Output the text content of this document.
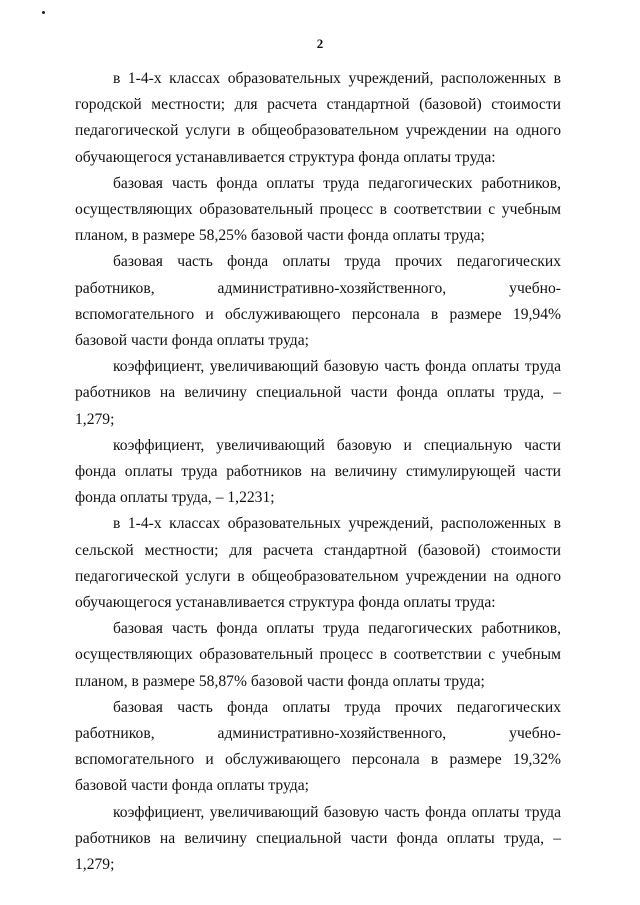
2

в 1-4-х классах образовательных учреждений, расположенных в городской местности; для расчета стандартной (базовой) стоимости педагогической услуги в общеобразовательном учреждении на одного обучающегося устанавливается структура фонда оплаты труда:

базовая часть фонда оплаты труда педагогических работников, осуществляющих образовательный процесс в соответствии с учебным планом, в размере 58,25% базовой части фонда оплаты труда;

базовая часть фонда оплаты труда прочих педагогических работников, административно-хозяйственного, учебно-вспомогательного и обслуживающего персонала в размере 19,94% базовой части фонда оплаты труда;

коэффициент, увеличивающий базовую часть фонда оплаты труда работников на величину специальной части фонда оплаты труда, – 1,279;

коэффициент, увеличивающий базовую и специальную части фонда оплаты труда работников на величину стимулирующей части фонда оплаты труда, – 1,2231;

в 1-4-х классах образовательных учреждений, расположенных в сельской местности; для расчета стандартной (базовой) стоимости педагогической услуги в общеобразовательном учреждении на одного обучающегося устанавливается структура фонда оплаты труда:

базовая часть фонда оплаты труда педагогических работников, осуществляющих образовательный процесс в соответствии с учебным планом, в размере 58,87% базовой части фонда оплаты труда;

базовая часть фонда оплаты труда прочих педагогических работников, административно-хозяйственного, учебно-вспомогательного и обслуживающего персонала в размере 19,32% базовой части фонда оплаты труда;

коэффициент, увеличивающий базовую часть фонда оплаты труда работников на величину специальной части фонда оплаты труда, – 1,279;
